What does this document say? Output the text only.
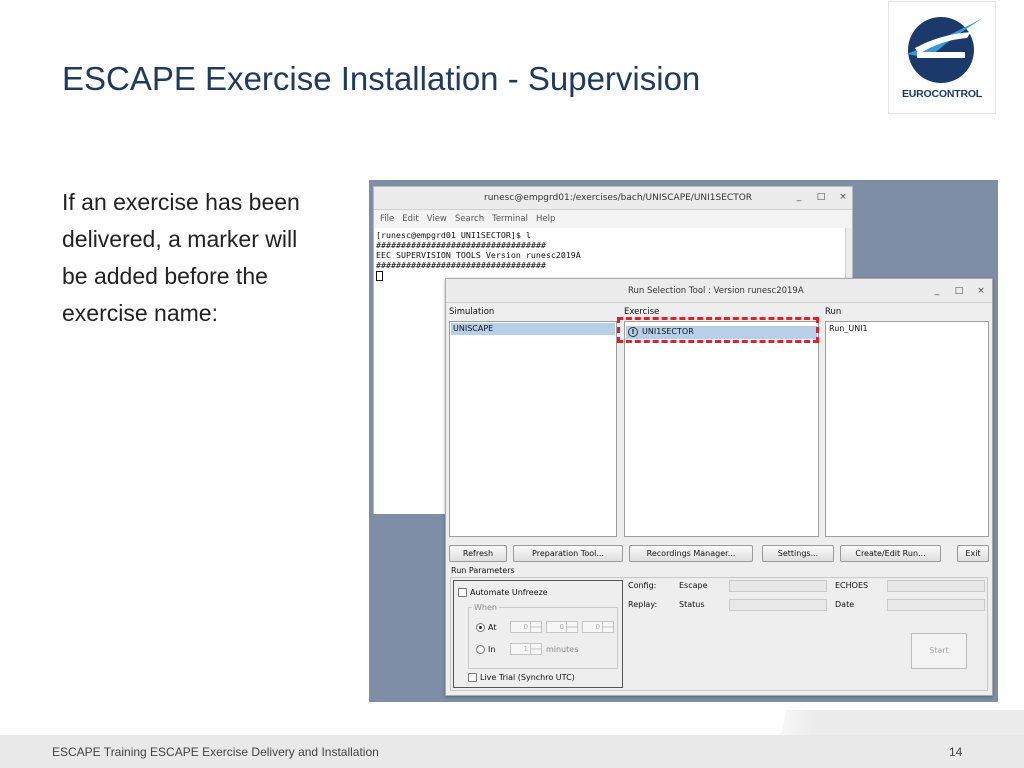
ESCAPE Exercise Installation - Supervision	EUROCONTROL
If an exercise has been
delivered, a marker will
be added before the
exercise name:
runesc@empgrd01:/exercises/bach/UNISCAPE/UNI1SECTOR	_	□ ×
File Edit View Search Terminal Help
[runesc@empgrd01 UNI1SECTOR]$ l
##################################
EEC SUPERVISION TOOLS Version runesc2019A
##################################
Run Selection Tool : Version runesc2019A	_	□ ×
Simulation	Exercise	Run
UNISCAPE	! UNI1SECTOR	Run_UNI1
Refresh	Preparation Tool...	Recordings Manager...	Settings...	Create/Edit Run...	Exit
Run Parameters
Automate Unfreeze
When
At	0	0	0
In	1	minutes
Live Trial (Synchro UTC)
Config:	Escape	ECHOES
Replay:	Status	Date
Start
ESCAPE Training ESCAPE Exercise Delivery and Installation	14
